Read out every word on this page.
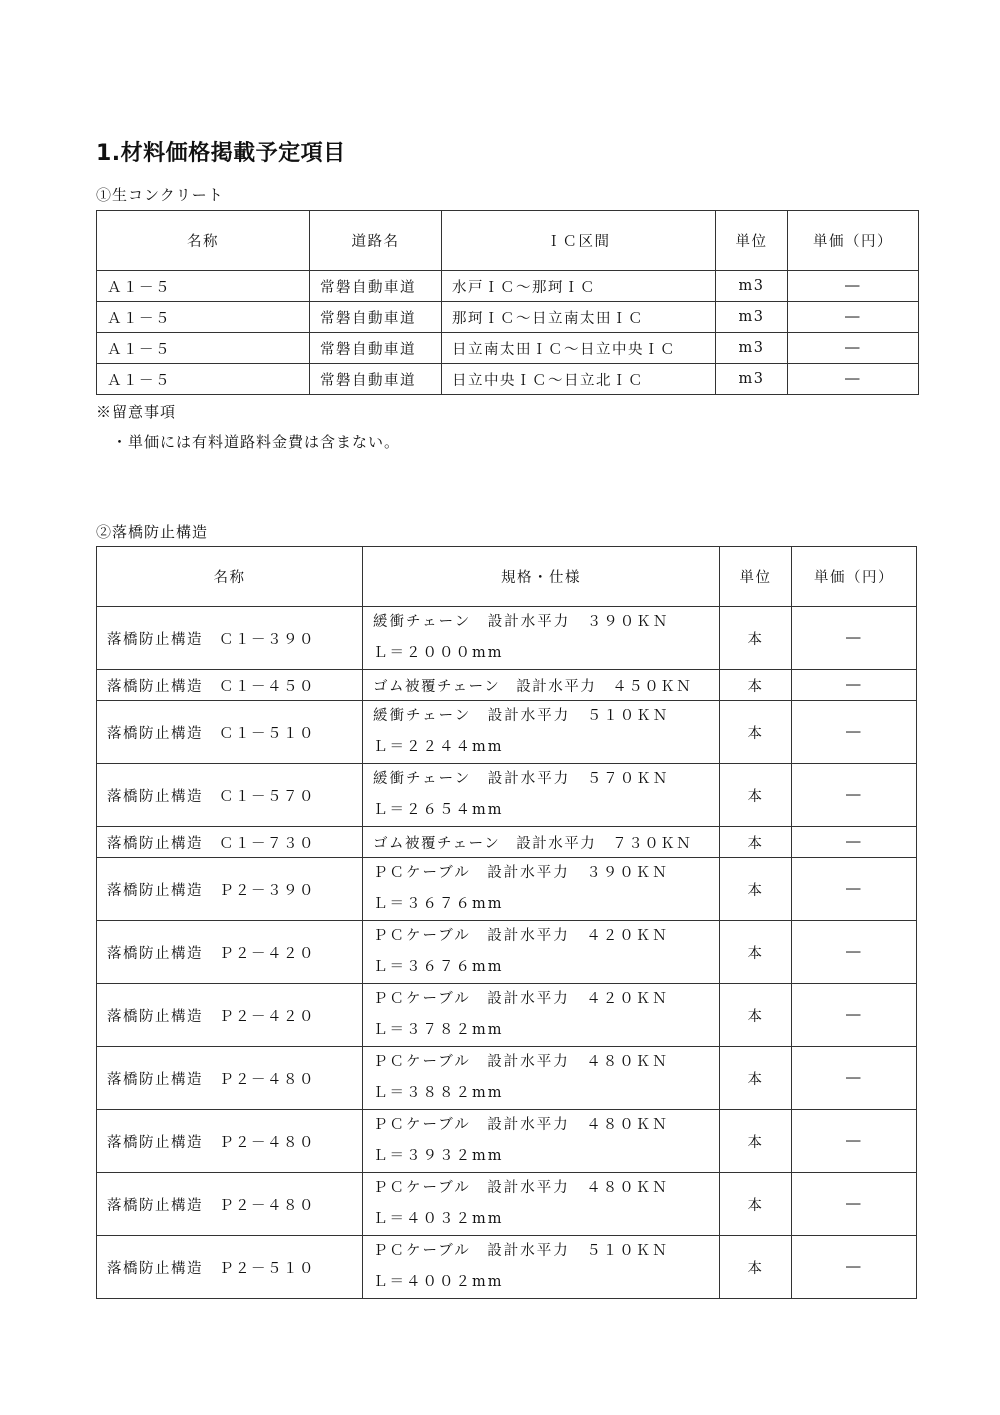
1.材料価格掲載予定項目
①生コンクリート
名称	道路名	ＩＣ区間	単位	単価（円）
Ａ１－５	常磐自動車道	水戸ＩＣ～那珂ＩＣ	m3	―
Ａ１－５	常磐自動車道	那珂ＩＣ～日立南太田ＩＣ	m3	―
Ａ１－５	常磐自動車道	日立南太田ＩＣ～日立中央ＩＣ	m3	―
Ａ１－５	常磐自動車道	日立中央ＩＣ～日立北ＩＣ	m3	―
※留意事項
・単価には有料道路料金費は含まない。
②落橋防止構造
名称	規格・仕様	単位	単価（円）
落橋防止構造　Ｃ１－３９０	緩衝チェーン　設計水平力　３９０ＫＮ
Ｌ＝２０００mm	本	―
落橋防止構造　Ｃ１－４５０	ゴム被覆チェーン　設計水平力　４５０ＫＮ	本	―
落橋防止構造　Ｃ１－５１０	緩衝チェーン　設計水平力　５１０ＫＮ
Ｌ＝２２４４mm	本	―
落橋防止構造　Ｃ１－５７０	緩衝チェーン　設計水平力　５７０ＫＮ
Ｌ＝２６５４mm	本	―
落橋防止構造　Ｃ１－７３０	ゴム被覆チェーン　設計水平力　７３０ＫＮ	本	―
落橋防止構造　Ｐ２－３９０	ＰＣケーブル　設計水平力　３９０ＫＮ
Ｌ＝３６７６mm	本	―
落橋防止構造　Ｐ２－４２０	ＰＣケーブル　設計水平力　４２０ＫＮ
Ｌ＝３６７６mm	本	―
落橋防止構造　Ｐ２－４２０	ＰＣケーブル　設計水平力　４２０ＫＮ
Ｌ＝３７８２mm	本	―
落橋防止構造　Ｐ２－４８０	ＰＣケーブル　設計水平力　４８０ＫＮ
Ｌ＝３８８２mm	本	―
落橋防止構造　Ｐ２－４８０	ＰＣケーブル　設計水平力　４８０ＫＮ
Ｌ＝３９３２mm	本	―
落橋防止構造　Ｐ２－４８０	ＰＣケーブル　設計水平力　４８０ＫＮ
Ｌ＝４０３２mm	本	―
落橋防止構造　Ｐ２－５１０	ＰＣケーブル　設計水平力　５１０ＫＮ
Ｌ＝４００２mm	本	―
